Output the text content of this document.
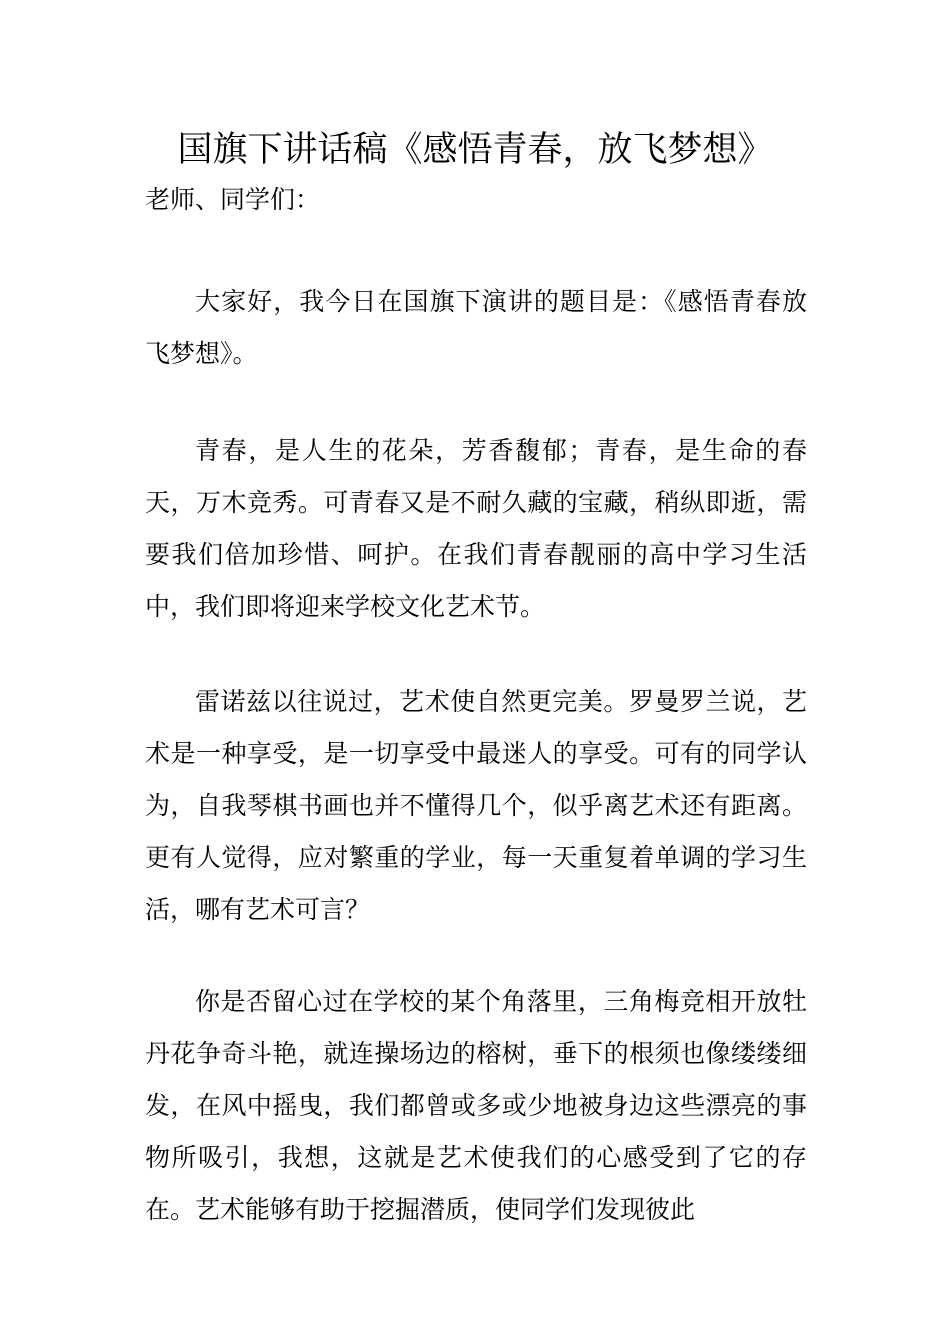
国旗下讲话稿《感悟青春，放飞梦想》
老师、同学们：

大家好，我今日在国旗下演讲的题目是：《感悟青春放飞梦想》。

青春，是人生的花朵，芳香馥郁；青春，是生命的春天，万木竞秀。可青春又是不耐久藏的宝藏，稍纵即逝，需要我们倍加珍惜、呵护。在我们青春靓丽的高中学习生活中，我们即将迎来学校文化艺术节。

雷诺兹以往说过，艺术使自然更完美。罗曼罗兰说，艺术是一种享受，是一切享受中最迷人的享受。可有的同学认为，自我琴棋书画也并不懂得几个，似乎离艺术还有距离。更有人觉得，应对繁重的学业，每一天重复着单调的学习生活，哪有艺术可言？

你是否留心过在学校的某个角落里，三角梅竞相开放牡丹花争奇斗艳，就连操场边的榕树，垂下的根须也像缕缕细发，在风中摇曳，我们都曾或多或少地被身边这些漂亮的事物所吸引，我想，这就是艺术使我们的心感受到了它的存在。艺术能够有助于挖掘潜质，使同学们发现彼此
